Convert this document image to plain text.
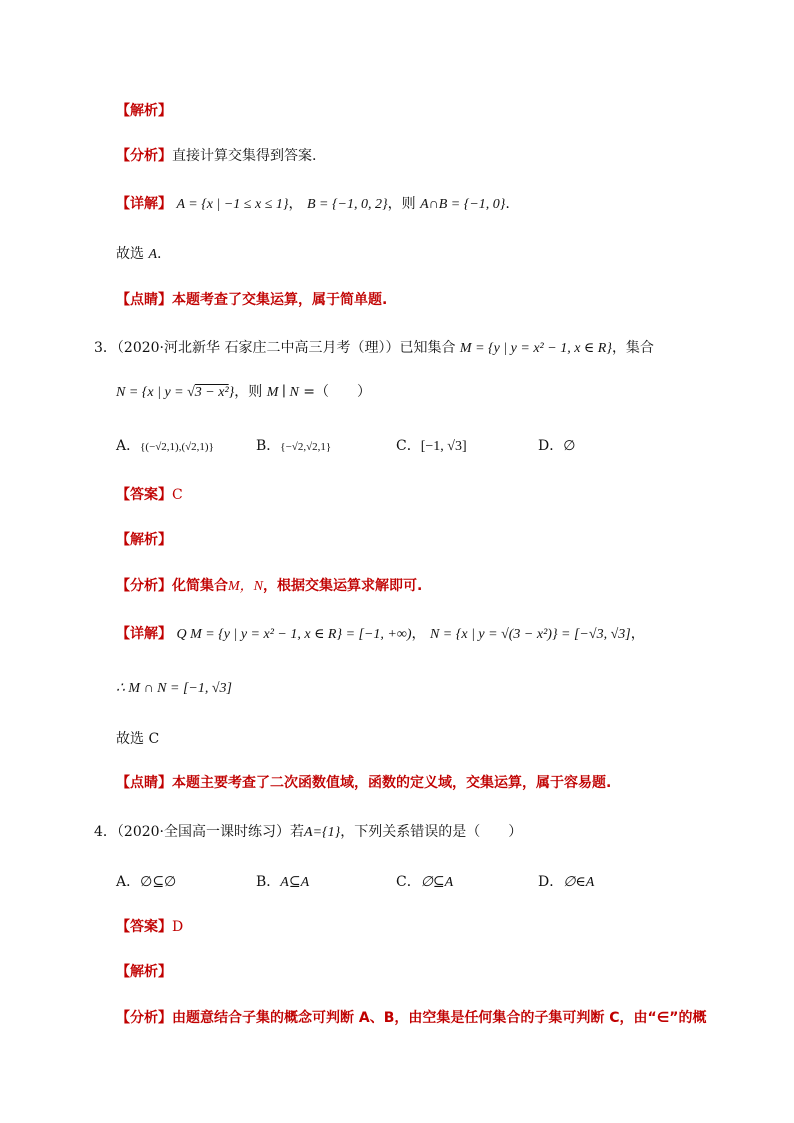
【解析】
【分析】直接计算交集得到答案.
【详解】 A = {x | −1 ≤ x ≤ 1}， B = {−1, 0, 2}，则 A∩B = {−1, 0}.
故选 A.
【点睛】本题考查了交集运算，属于简单题.
3．（2020·河北新华 石家庄二中高三月考（理））已知集合 M = {y | y = x² − 1, x ∈ R}，集合
N = {x | y = √3 − x²}，则 M ∣ N =（　　）
A．{(−√2,1),(√2,1)}	B．{−√2,√2,1}	C．[−1, √3]	D．∅
【答案】C
【解析】
【分析】化简集合M，N，根据交集运算求解即可.
【详解】 Q M = {y | y = x² − 1, x ∈ R} = [−1, +∞)， N = {x | y = √(3 − x²)} = [−√3, √3]，
∴ M ∩ N = [−1, √3]
故选 C
【点睛】本题主要考查了二次函数值域，函数的定义域，交集运算，属于容易题.
4．（2020·全国高一课时练习）若A={1}，下列关系错误的是（　　）
A．∅⊆∅	B．A⊆A	C．∅⊆A	D．∅∈A
【答案】D
【解析】
【分析】由题意结合子集的概念可判断 A、B，由空集是任何集合的子集可判断 C，由“∈”的概
